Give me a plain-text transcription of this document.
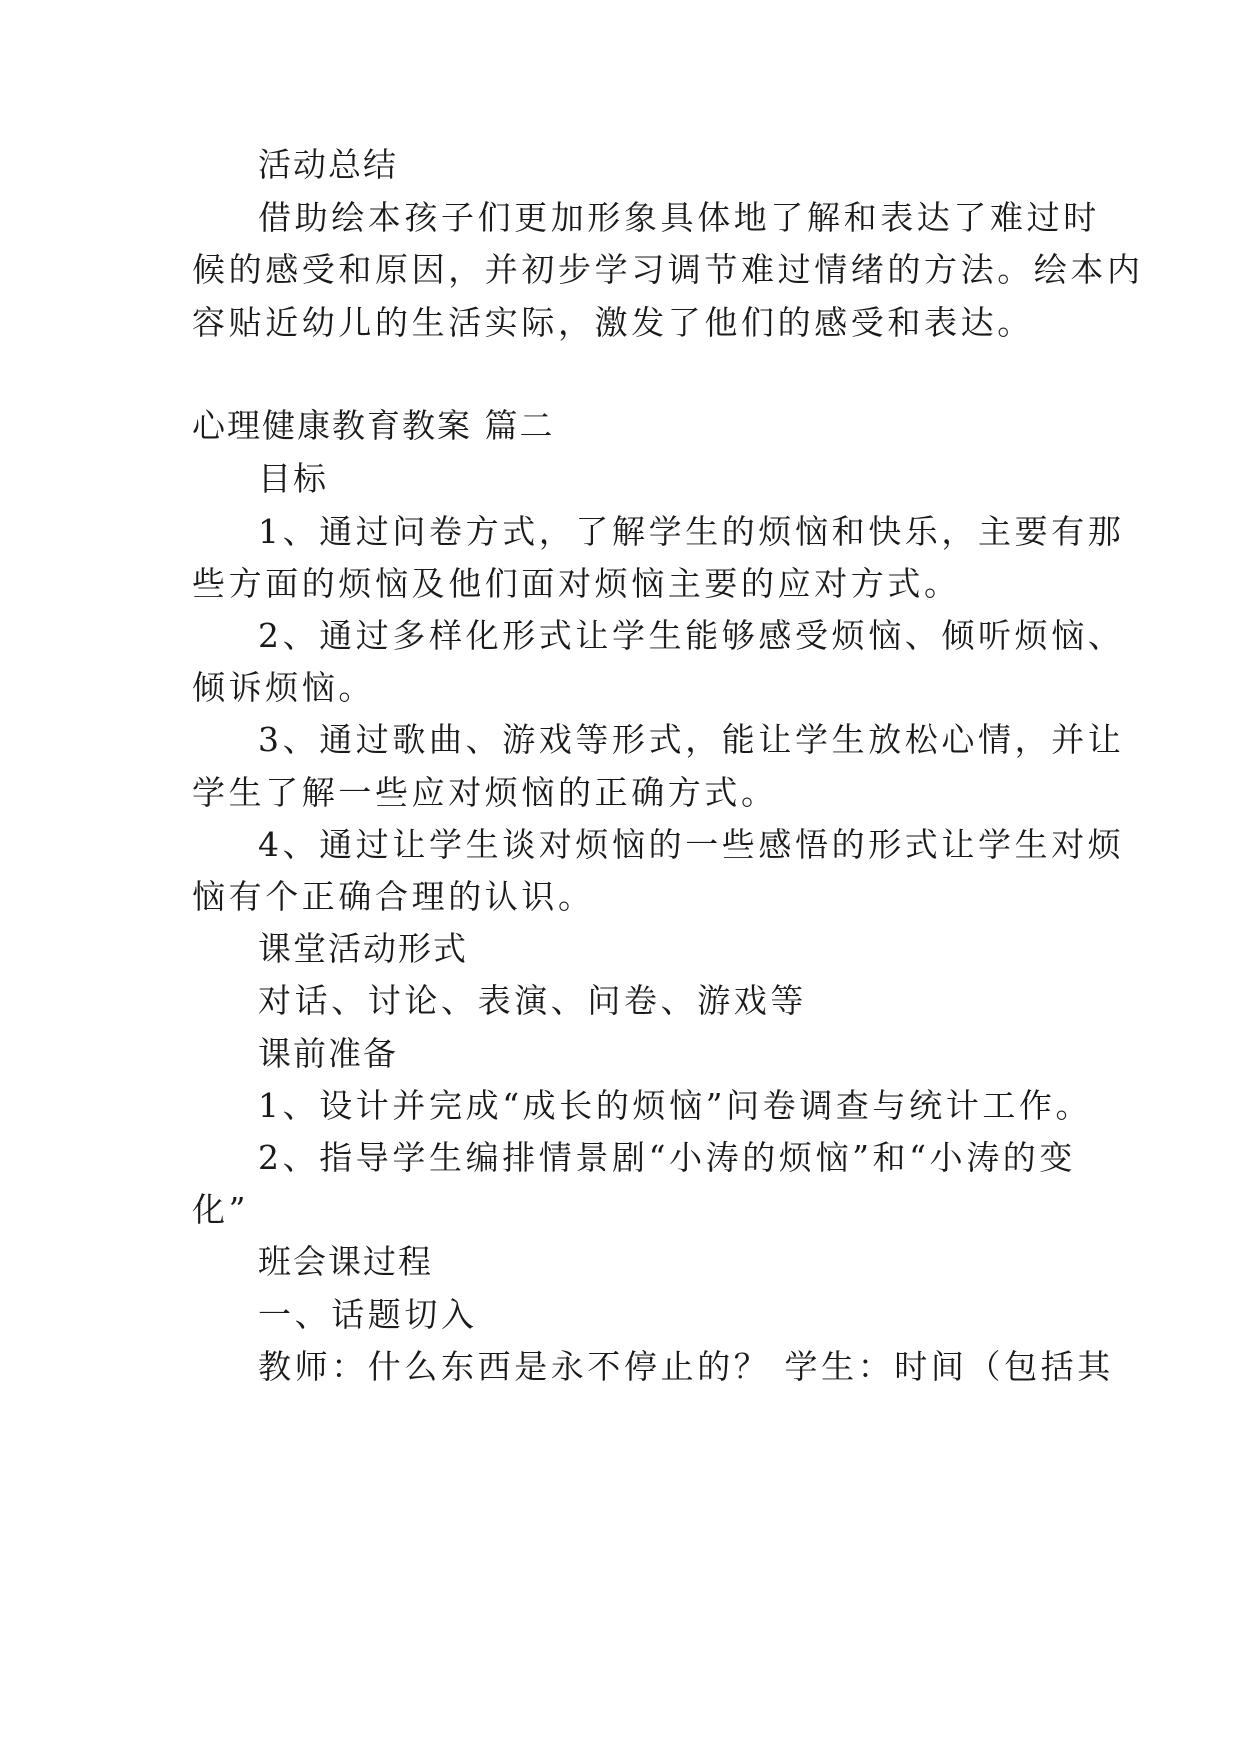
活动总结
借助绘本孩子们更加形象具体地了解和表达了难过时
候的感受和原因，并初步学习调节难过情绪的方法。绘本内
容贴近幼儿的生活实际，激发了他们的感受和表达。
心理健康教育教案 篇二
目标
1、通过问卷方式，了解学生的烦恼和快乐，主要有那
些方面的烦恼及他们面对烦恼主要的应对方式。
2、通过多样化形式让学生能够感受烦恼、倾听烦恼、
倾诉烦恼。
3、通过歌曲、游戏等形式，能让学生放松心情，并让
学生了解一些应对烦恼的正确方式。
4、通过让学生谈对烦恼的一些感悟的形式让学生对烦
恼有个正确合理的认识。
课堂活动形式
对话、讨论、表演、问卷、游戏等
课前准备
1、设计并完成“成长的烦恼”问卷调查与统计工作。
2、指导学生编排情景剧“小涛的烦恼”和“小涛的变
化”
班会课过程
一、话题切入
教师：什么东西是永不停止的？ 学生：时间（包括其
